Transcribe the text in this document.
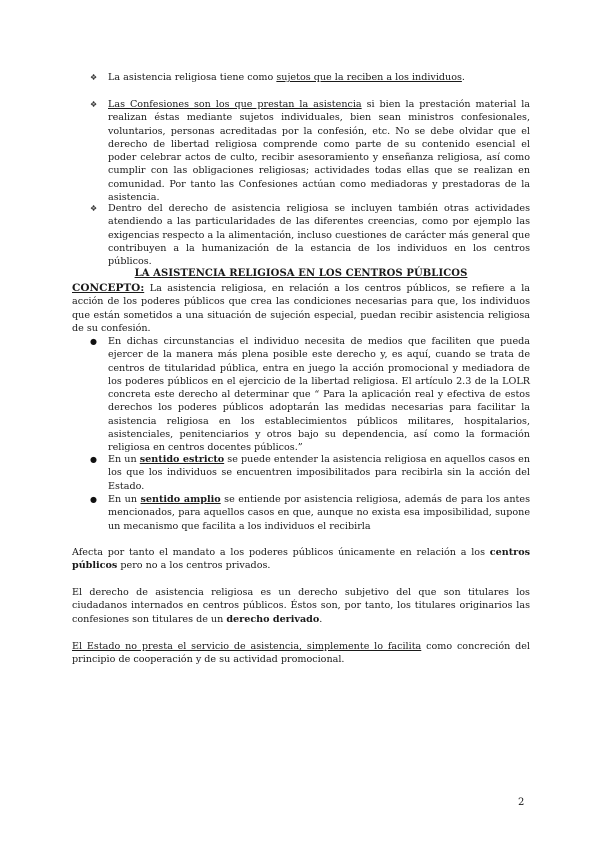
❖ La asistencia religiosa tiene como sujetos que la reciben a los individuos.
❖ Las Confesiones son los que prestan la asistencia si bien la prestación material la realizan éstas mediante sujetos individuales, bien sean ministros confesionales, voluntarios, personas acreditadas por la confesión, etc. No se debe olvidar que el derecho de libertad religiosa comprende como parte de su contenido esencial el poder celebrar actos de culto, recibir asesoramiento y enseñanza religiosa, así como cumplir con las obligaciones religiosas; actividades todas ellas que se realizan en comunidad. Por tanto las Confesiones actúan como mediadoras y prestadoras de la asistencia.
❖ Dentro del derecho de asistencia religiosa se incluyen también otras actividades atendiendo a las particularidades de las diferentes creencias, como por ejemplo las exigencias respecto a la alimentación, incluso cuestiones de carácter más general que contribuyen a la humanización de la estancia de los individuos en los centros públicos.
LA ASISTENCIA RELIGIOSA EN LOS CENTROS PÚBLICOS
CONCEPTO: La asistencia religiosa, en relación a los centros públicos, se refiere a la acción de los poderes públicos que crea las condiciones necesarias para que, los individuos que están sometidos a una situación de sujeción especial, puedan recibir asistencia religiosa de su confesión.
● En dichas circunstancias el individuo necesita de medios que faciliten que pueda ejercer de la manera más plena posible este derecho y, es aquí, cuando se trata de centros de titularidad pública, entra en juego la acción promocional y mediadora de los poderes públicos en el ejercicio de la libertad religiosa. El artículo 2.3 de la LOLR concreta este derecho al determinar que “ Para la aplicación real y efectiva de estos derechos los poderes públicos adoptarán las medidas necesarias para facilitar la asistencia religiosa en los establecimientos públicos militares, hospitalarios, asistenciales, penitenciarios y otros bajo su dependencia, así como la formación religiosa en centros docentes públicos.”
● En un sentido estricto se puede entender la asistencia religiosa en aquellos casos en los que los individuos se encuentren imposibilitados para recibirla sin la acción del Estado.
● En un sentido amplio se entiende por asistencia religiosa, además de para los antes mencionados, para aquellos casos en que, aunque no exista esa imposibilidad, supone un mecanismo que facilita a los individuos el recibirla
Afecta por tanto el mandato a los poderes públicos únicamente en relación a los centros públicos pero no a los centros privados.
El derecho de asistencia religiosa es un derecho subjetivo del que son titulares los ciudadanos internados en centros públicos. Éstos son, por tanto, los titulares originarios las confesiones son titulares de un derecho derivado.
El Estado no presta el servicio de asistencia, simplemente lo facilita como concreción del principio de cooperación y de su actividad promocional.
2
